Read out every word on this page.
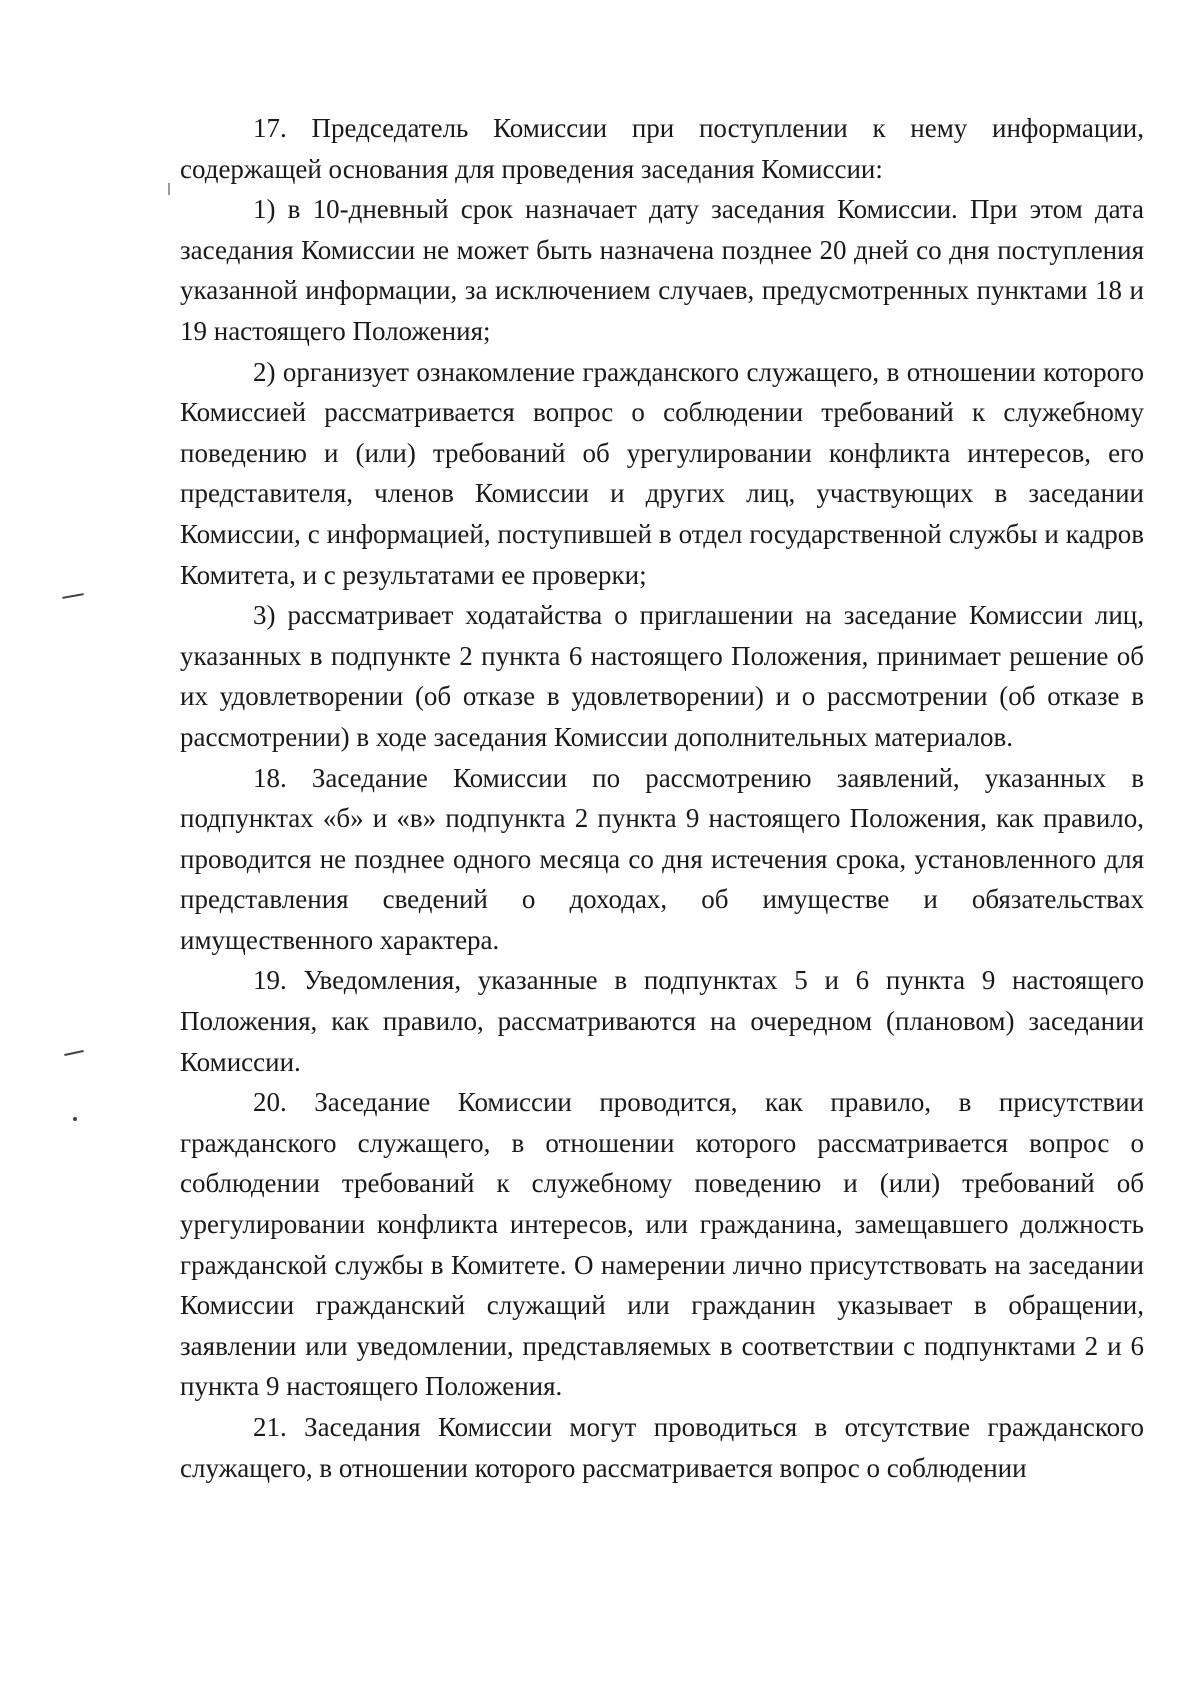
17. Председатель Комиссии при поступлении к нему информации, содержащей основания для проведения заседания Комиссии:

1) в 10-дневный срок назначает дату заседания Комиссии. При этом дата заседания Комиссии не может быть назначена позднее 20 дней со дня поступления указанной информации, за исключением случаев, предусмотренных пунктами 18 и 19 настоящего Положения;

2) организует ознакомление гражданского служащего, в отношении которого Комиссией рассматривается вопрос о соблюдении требований к служебному поведению и (или) требований об урегулировании конфликта интересов, его представителя, членов Комиссии и других лиц, участвующих в заседании Комиссии, с информацией, поступившей в отдел государственной службы и кадров Комитета, и с результатами ее проверки;

3) рассматривает ходатайства о приглашении на заседание Комиссии лиц, указанных в подпункте 2 пункта 6 настоящего Положения, принимает решение об их удовлетворении (об отказе в удовлетворении) и о рассмотрении (об отказе в рассмотрении) в ходе заседания Комиссии дополнительных материалов.

18. Заседание Комиссии по рассмотрению заявлений, указанных в подпунктах «б» и «в» подпункта 2 пункта 9 настоящего Положения, как правило, проводится не позднее одного месяца со дня истечения срока, установленного для представления сведений о доходах, об имуществе и обязательствах имущественного характера.

19. Уведомления, указанные в подпунктах 5 и 6 пункта 9 настоящего Положения, как правило, рассматриваются на очередном (плановом) заседании Комиссии.

20. Заседание Комиссии проводится, как правило, в присутствии гражданского служащего, в отношении которого рассматривается вопрос о соблюдении требований к служебному поведению и (или) требований об урегулировании конфликта интересов, или гражданина, замещавшего должность гражданской службы в Комитете. О намерении лично присутствовать на заседании Комиссии гражданский служащий или гражданин указывает в обращении, заявлении или уведомлении, представляемых в соответствии с подпунктами 2 и 6 пункта 9 настоящего Положения.

21. Заседания Комиссии могут проводиться в отсутствие гражданского служащего, в отношении которого рассматривается вопрос о соблюдении
